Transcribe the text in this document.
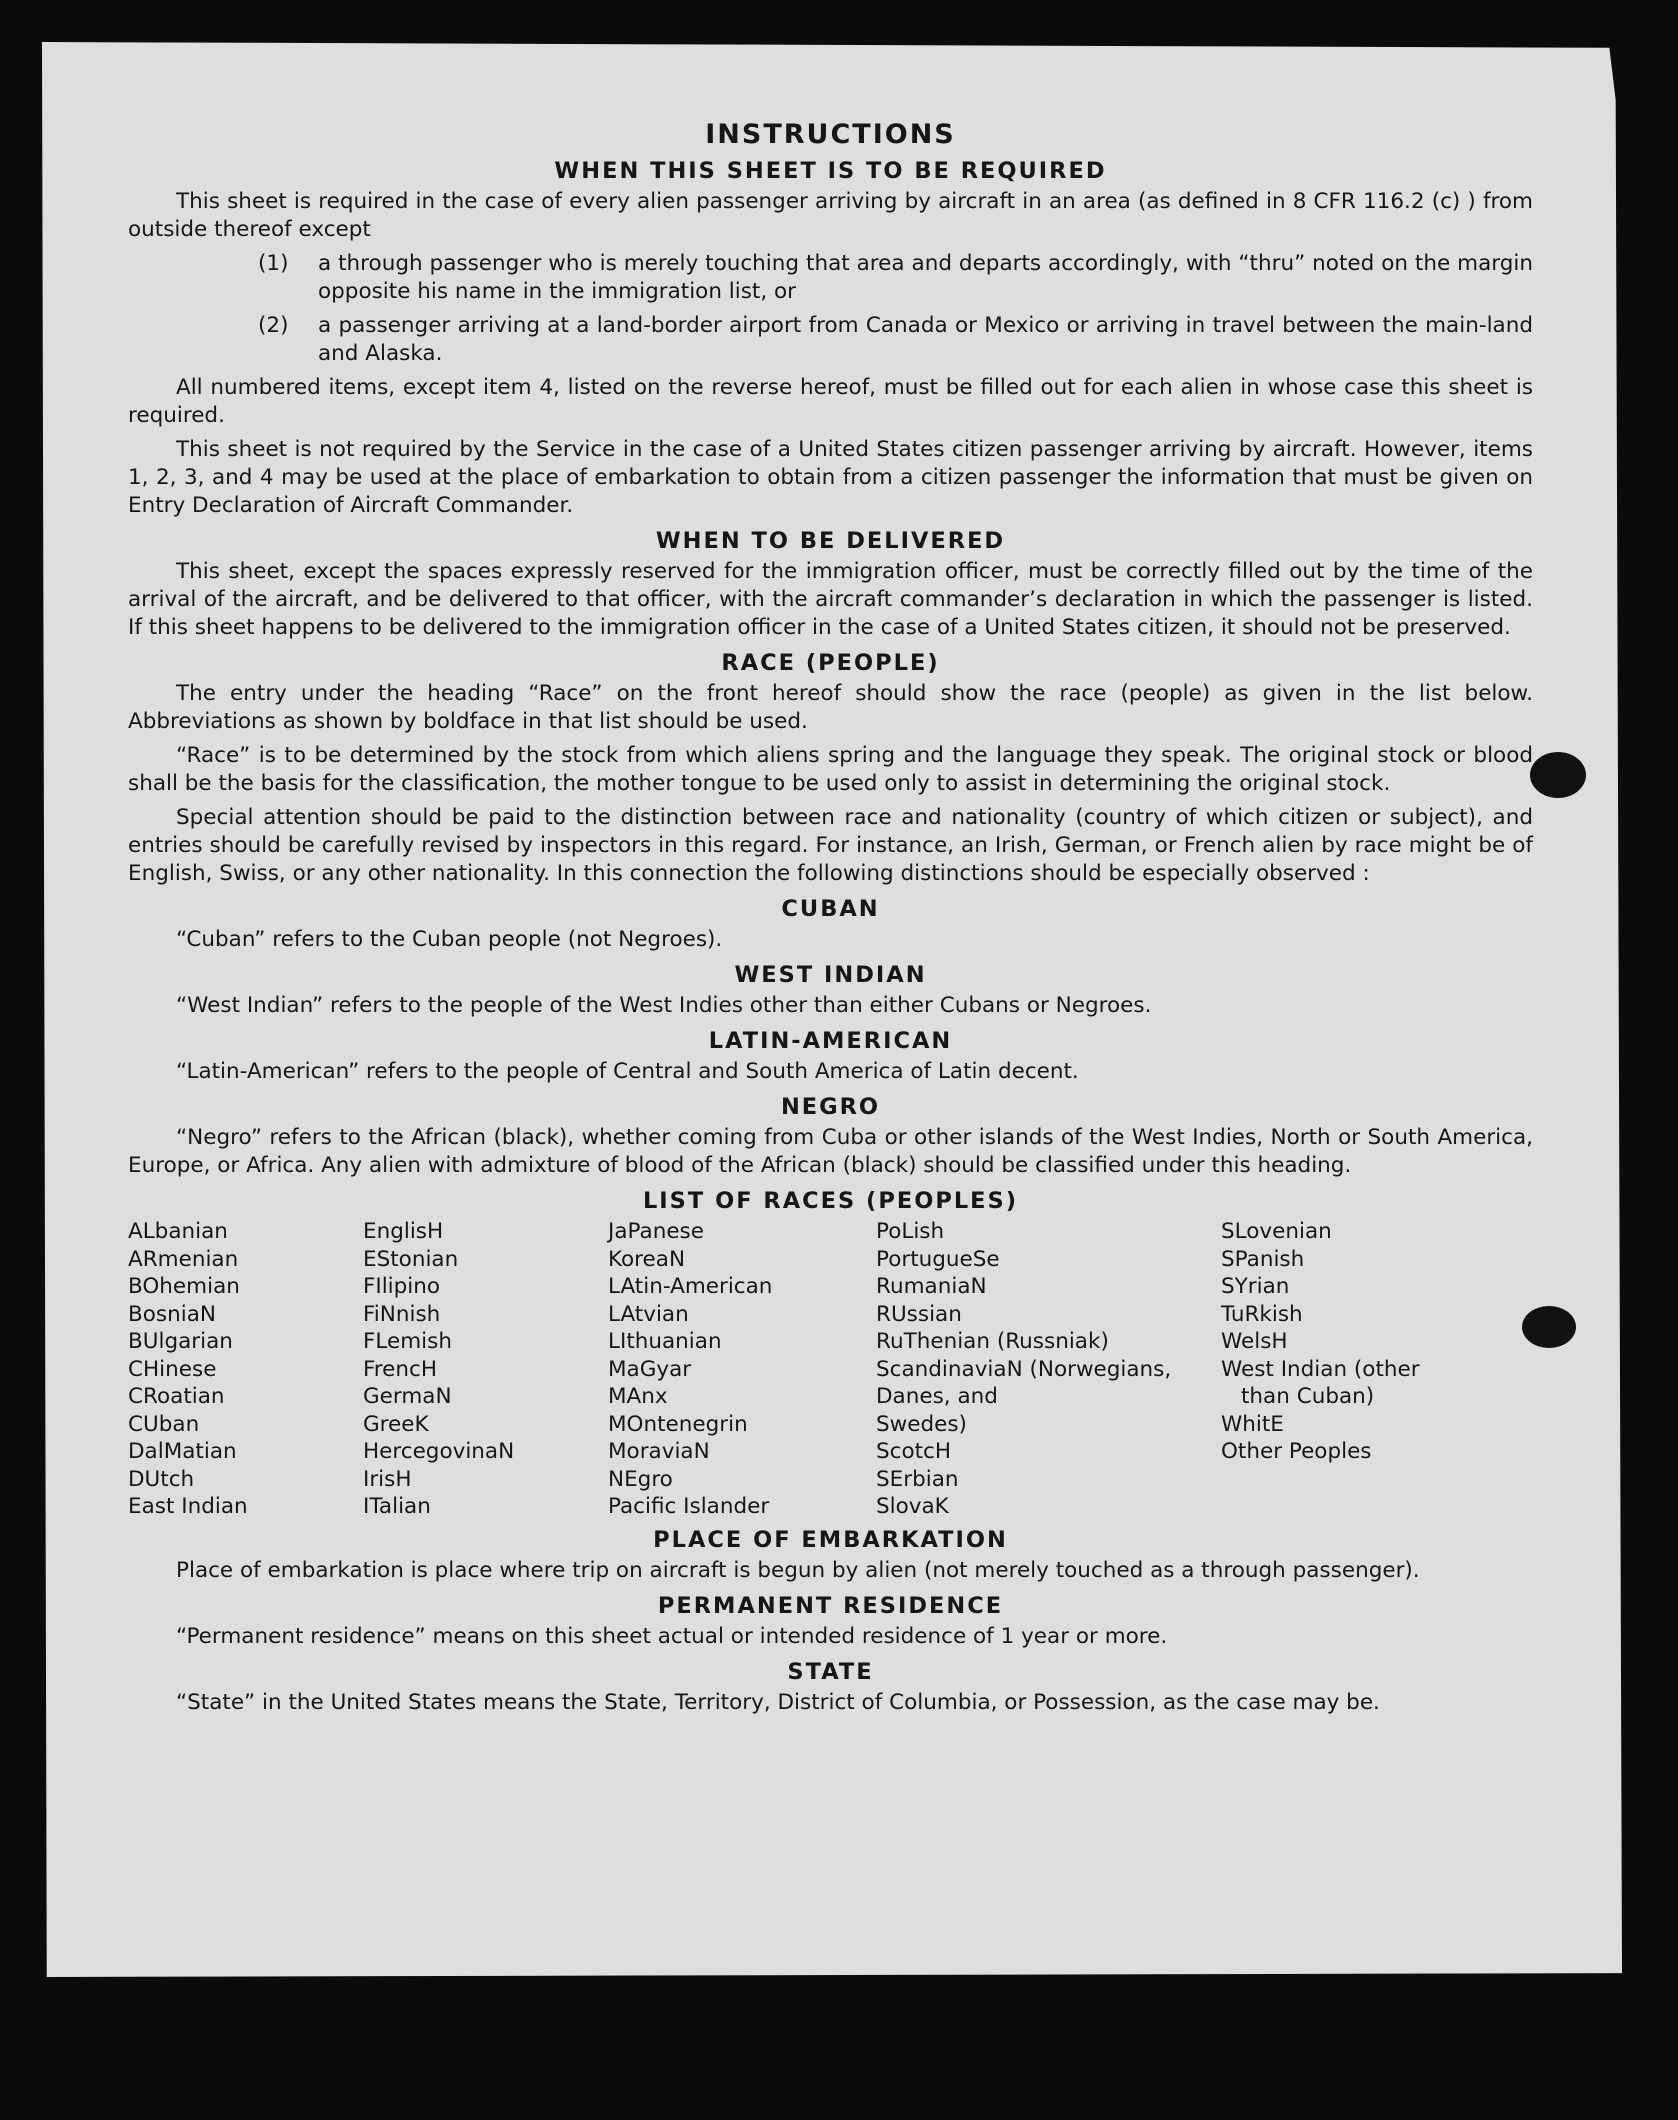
INSTRUCTIONS
WHEN THIS SHEET IS TO BE REQUIRED

This sheet is required in the case of every alien passenger arriving by aircraft in an area (as defined in 8 CFR 116.2 (c) ) from outside thereof except

(1)	a through passenger who is merely touching that area and departs accordingly, with “thru” noted on the margin opposite his name in the immigration list, or
(2)	a passenger arriving at a land-border airport from Canada or Mexico or arriving in travel between the main-land and Alaska.

All numbered items, except item 4, listed on the reverse hereof, must be filled out for each alien in whose case this sheet is required.

This sheet is not required by the Service in the case of a United States citizen passenger arriving by aircraft. However, items 1, 2, 3, and 4 may be used at the place of embarkation to obtain from a citizen passenger the information that must be given on Entry Declaration of Aircraft Commander.

WHEN TO BE DELIVERED

This sheet, except the spaces expressly reserved for the immigration officer, must be correctly filled out by the time of the arrival of the aircraft, and be delivered to that officer, with the aircraft commander’s declaration in which the passenger is listed. If this sheet happens to be delivered to the immigration officer in the case of a United States citizen, it should not be preserved.

RACE (PEOPLE)

The entry under the heading “Race” on the front hereof should show the race (people) as given in the list below. Abbreviations as shown by boldface in that list should be used.

“Race” is to be determined by the stock from which aliens spring and the language they speak. The original stock or blood shall be the basis for the classification, the mother tongue to be used only to assist in determining the original stock.

Special attention should be paid to the distinction between race and nationality (country of which citizen or subject), and entries should be carefully revised by inspectors in this regard. For instance, an Irish, German, or French alien by race might be of English, Swiss, or any other nationality. In this connection the following distinctions should be especially observed :

CUBAN

“Cuban” refers to the Cuban people (not Negroes).

WEST INDIAN

“West Indian” refers to the people of the West Indies other than either Cubans or Negroes.

LATIN-AMERICAN

“Latin-American” refers to the people of Central and South America of Latin decent.

NEGRO

“Negro” refers to the African (black), whether coming from Cuba or other islands of the West Indies, North or South America, Europe, or Africa. Any alien with admixture of blood of the African (black) should be classified under this heading.

LIST OF RACES (PEOPLES)
ALbanian
ARmenian
BOhemian
BosniaN
BUlgarian
CHinese
CRoatian
CUban
DalMatian
DUtch
East Indian
EnglisH
EStonian
FIlipino
FiNnish
FLemish
FrencH
GermaN
GreeK
HercegovinaN
IrisH
ITalian
JaPanese
KoreaN
LAtin-American
LAtvian
LIthuanian
MaGyar
MAnx
MOntenegrin
MoraviaN
NEgro
Pacific Islander
PoLish
PortugueSe
RumaniaN
RUssian
RuThenian (Russniak)
ScandinaviaN (Norwegians,
Danes, and
Swedes)
ScotcH
SErbian
SlovaK
SLovenian
SPanish
SYrian
TuRkish
WelsH
West Indian (other
than Cuban)
WhitE
Other Peoples
PLACE OF EMBARKATION

Place of embarkation is place where trip on aircraft is begun by alien (not merely touched as a through passenger).

PERMANENT RESIDENCE

“Permanent residence” means on this sheet actual or intended residence of 1 year or more.

STATE

“State” in the United States means the State, Territory, District of Columbia, or Possession, as the case may be.
